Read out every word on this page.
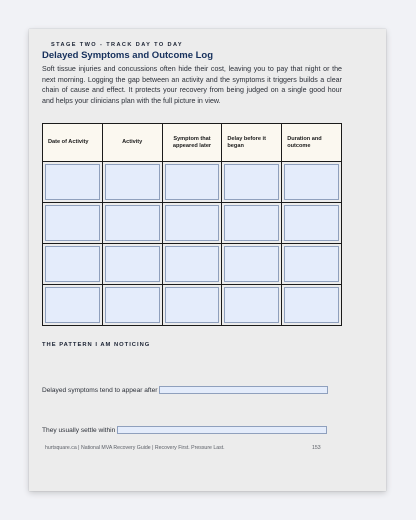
STAGE TWO - TRACK DAY TO DAY
Delayed Symptoms and Outcome Log

Soft tissue injuries and concussions often hide their cost, leaving you to pay that night or the next morning. Logging the gap between an activity and the symptoms it triggers builds a clear chain of cause and effect. It protects your recovery from being judged on a single good hour and helps your clinicians plan with the full picture in view.

Date of Activity	Activity	Symptom that appeared later	Delay before it began	Duration and outcome

THE PATTERN I AM NOTICING
Delayed symptoms tend to appear after
They usually settle within
hurtsquare.ca | National MVA Recovery Guide | Recovery First. Pressure Last.	153
